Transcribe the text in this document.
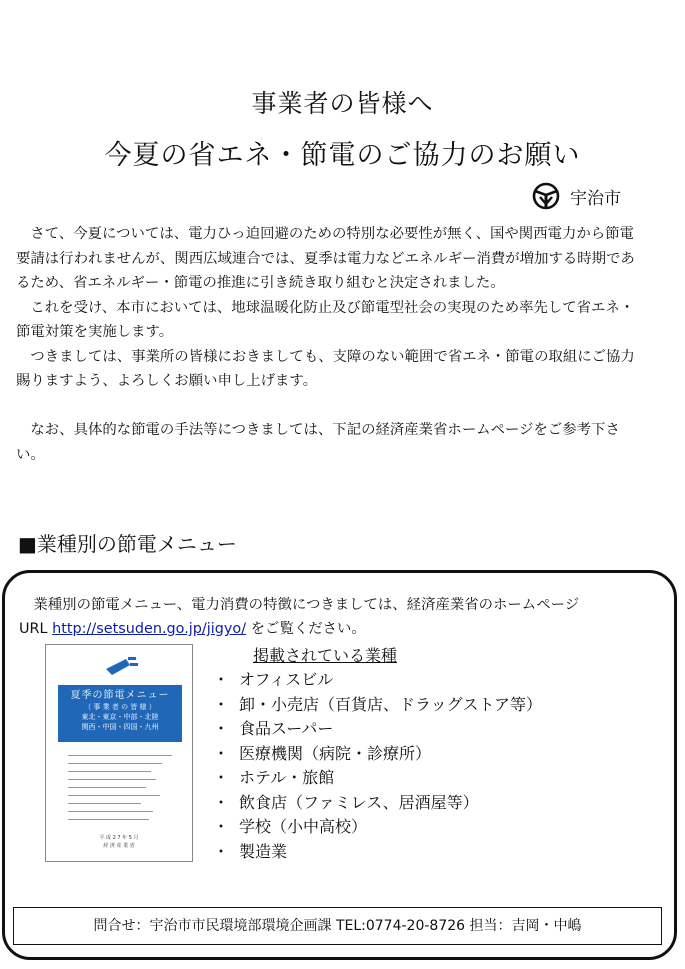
事業者の皆様へ
今夏の省エネ・節電のご協力のお願い
宇治市

さて、今夏については、電力ひっ迫回避のための特別な必要性が無く、国や関西電力から節電要請は行われませんが、関西広域連合では、夏季は電力などエネルギー消費が増加する時期であるため、省エネルギー・節電の推進に引き続き取り組むと決定されました。

これを受け、本市においては、地球温暖化防止及び節電型社会の実現のため率先して省エネ・節電対策を実施します。

つきましては、事業所の皆様におきましても、支障のない範囲で省エネ・節電の取組にご協力賜りますよう、よろしくお願い申し上げます。

なお、具体的な節電の手法等につきましては、下記の経済産業省ホームページをご参考下さい。

■業種別の節電メニュー
業種別の節電メニュー、電力消費の特徴につきましては、経済産業省のホームページ
URL http://setsuden.go.jp/jigyo/ をご覧ください。
夏季の節電メニュー
（ 事 業 者 の 皆 様 ）
東北・東京・中部・北陸
関西・中国・四国・九州
平 成 2 7 年 5 月
経 済 産 業 省
掲載されている業種
・ オフィスビル
・ 卸・小売店（百貨店、ドラッグストア等）
・ 食品スーパー
・ 医療機関（病院・診療所）
・ ホテル・旅館
・ 飲食店（ファミレス、居酒屋等）
・ 学校（小中高校）
・ 製造業
問合せ：宇治市市民環境部環境企画課 TEL:0774-20-8726 担当：吉岡・中嶋
